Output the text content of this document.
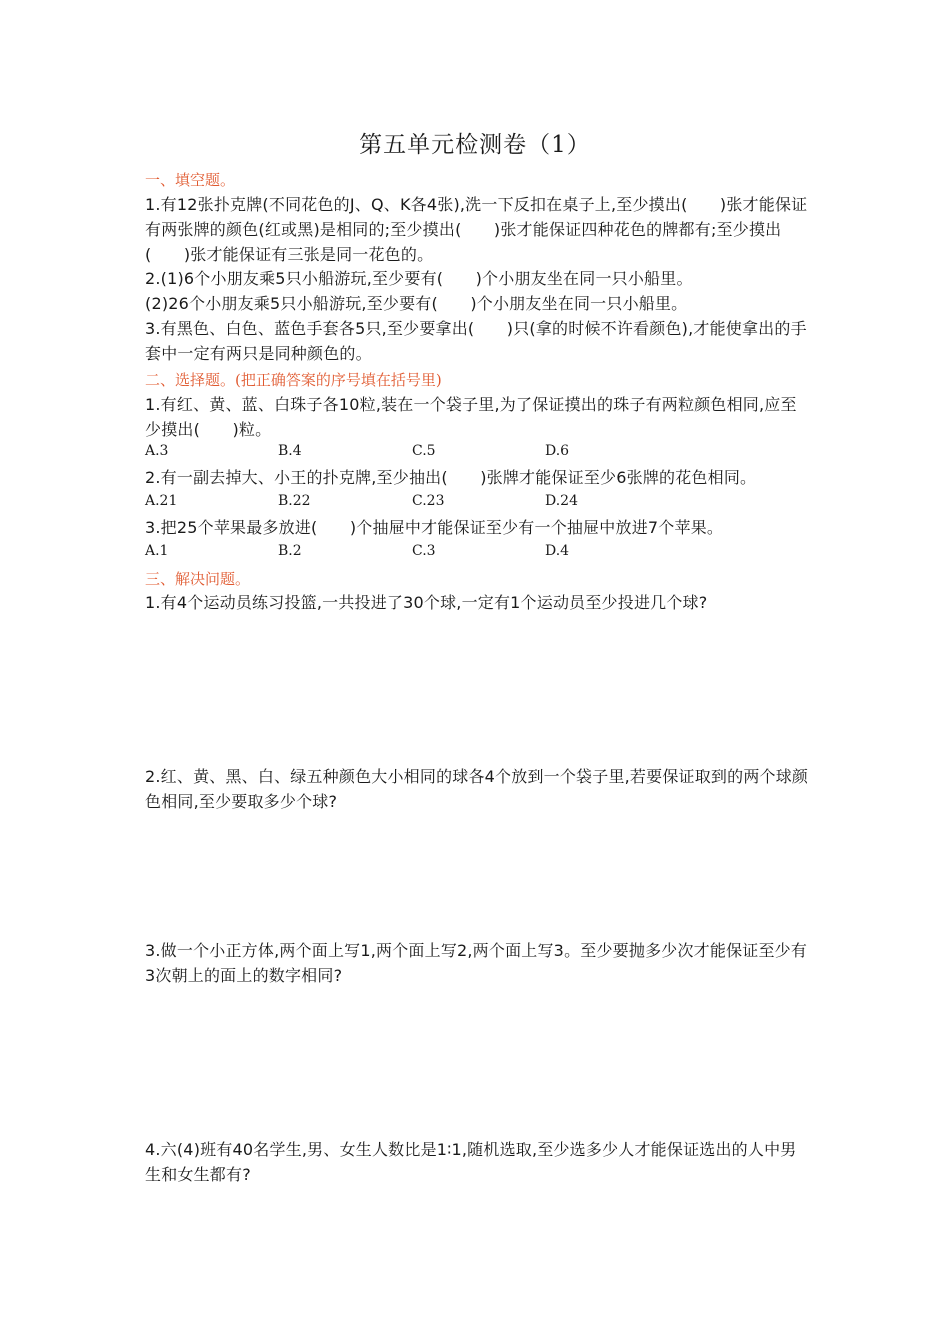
第五单元检测卷（1）
一、填空题。
1.有12张扑克牌(不同花色的J、Q、K各4张),洗一下反扣在桌子上,至少摸出(　　)张才能保证有两张牌的颜色(红或黑)是相同的;至少摸出(　　)张才能保证四种花色的牌都有;至少摸出(　　)张才能保证有三张是同一花色的。
2.(1)6个小朋友乘5只小船游玩,至少要有(　　)个小朋友坐在同一只小船里。
(2)26个小朋友乘5只小船游玩,至少要有(　　)个小朋友坐在同一只小船里。
3.有黑色、白色、蓝色手套各5只,至少要拿出(　　)只(拿的时候不许看颜色),才能使拿出的手套中一定有两只是同种颜色的。
二、选择题。(把正确答案的序号填在括号里)
1.有红、黄、蓝、白珠子各10粒,装在一个袋子里,为了保证摸出的珠子有两粒颜色相同,应至少摸出(　　)粒。
A.3	B.4	C.5	D.6
2.有一副去掉大、小王的扑克牌,至少抽出(　　)张牌才能保证至少6张牌的花色相同。
A.21	B.22	C.23	D.24
3.把25个苹果最多放进(　　)个抽屉中才能保证至少有一个抽屉中放进7个苹果。
A.1	B.2	C.3	D.4
三、解决问题。
1.有4个运动员练习投篮,一共投进了30个球,一定有1个运动员至少投进几个球?
2.红、黄、黑、白、绿五种颜色大小相同的球各4个放到一个袋子里,若要保证取到的两个球颜色相同,至少要取多少个球?
3.做一个小正方体,两个面上写1,两个面上写2,两个面上写3。至少要抛多少次才能保证至少有3次朝上的面上的数字相同?
4.六(4)班有40名学生,男、女生人数比是1∶1,随机选取,至少选多少人才能保证选出的人中男生和女生都有?
